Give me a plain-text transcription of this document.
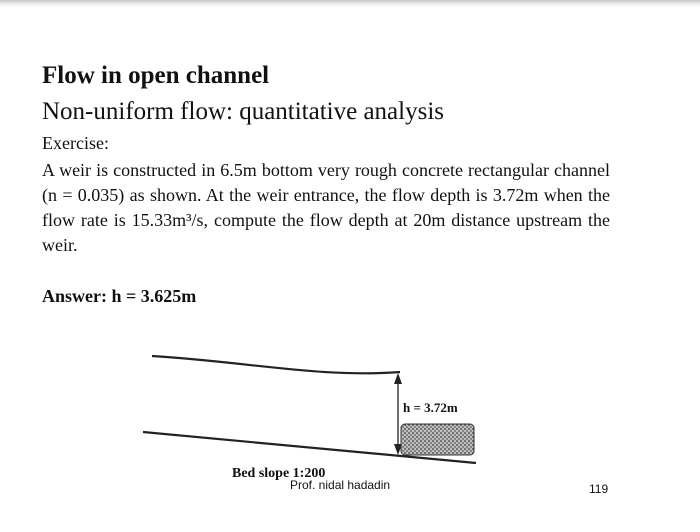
Flow in open channel
Non-uniform flow: quantitative analysis
Exercise:
A weir is constructed in 6.5m bottom very rough concrete rectangular channel (n = 0.035) as shown. At the weir entrance, the flow depth is 3.72m when the flow rate is 15.33m³/s, compute the flow depth at 20m distance upstream the weir.
Answer: h = 3.625m
h = 3.72m
Bed slope 1:200
Prof. nidal hadadin	119
